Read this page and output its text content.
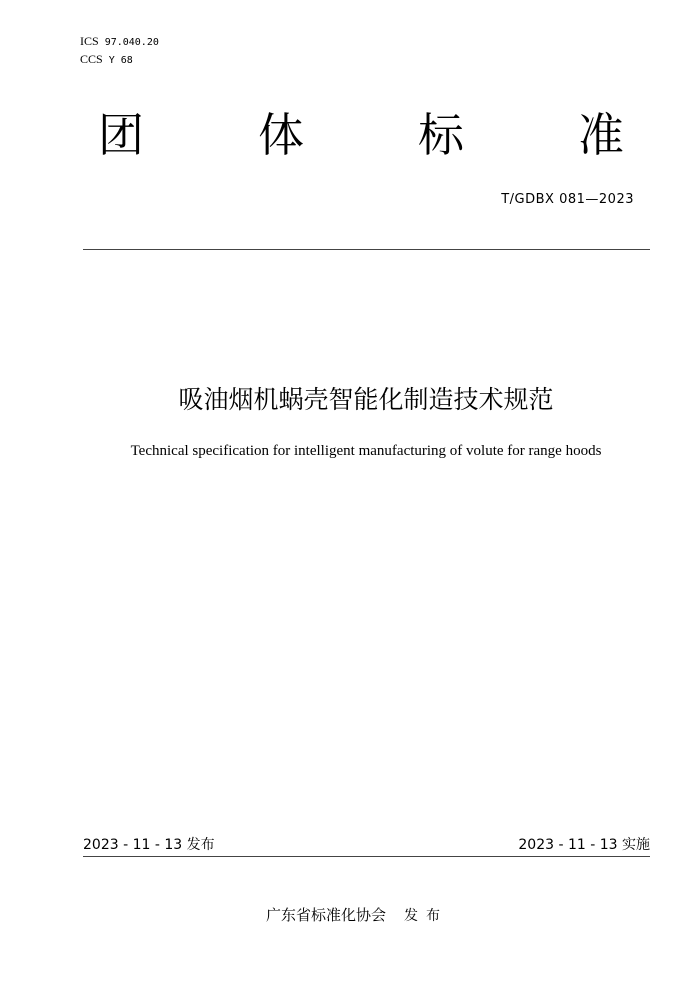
ICS 97.040.20
CCS Y 68
团 体 标 准
T/GDBX 081—2023
吸油烟机蜗壳智能化制造技术规范
Technical specification for intelligent manufacturing of volute for range hoods
2023 - 11 - 13 发布	2023 - 11 - 13 实施
广东省标准化协会 发布
